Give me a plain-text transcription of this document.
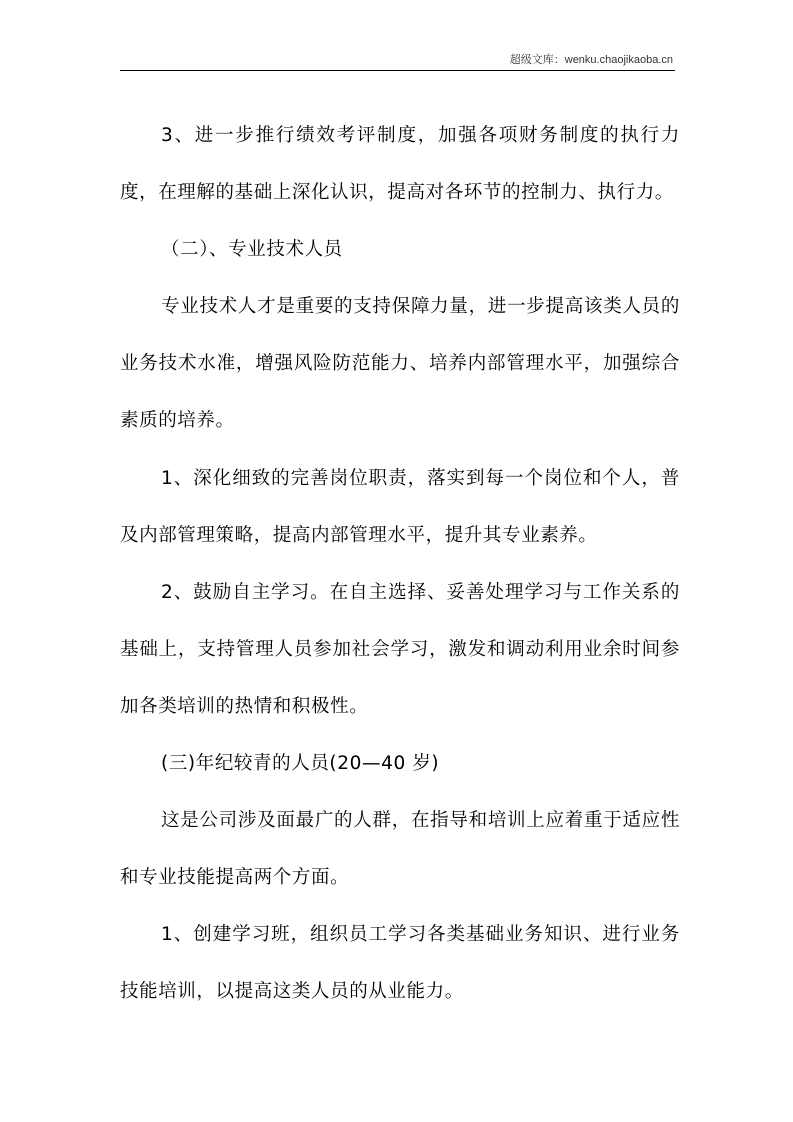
超级文库：wenku.chaojikaoba.cn

3、进一步推行绩效考评制度，加强各项财务制度的执行力度，在理解的基础上深化认识，提高对各环节的控制力、执行力。

（二）、专业技术人员

专业技术人才是重要的支持保障力量，进一步提高该类人员的业务技术水准，增强风险防范能力、培养内部管理水平，加强综合素质的培养。

1、深化细致的完善岗位职责，落实到每一个岗位和个人，普及内部管理策略，提高内部管理水平，提升其专业素养。

2、鼓励自主学习。在自主选择、妥善处理学习与工作关系的基础上，支持管理人员参加社会学习，激发和调动利用业余时间参加各类培训的热情和积极性。

(三)年纪较青的人员(20—40 岁)

这是公司涉及面最广的人群，在指导和培训上应着重于适应性和专业技能提高两个方面。

1、创建学习班，组织员工学习各类基础业务知识、进行业务技能培训，以提高这类人员的从业能力。
